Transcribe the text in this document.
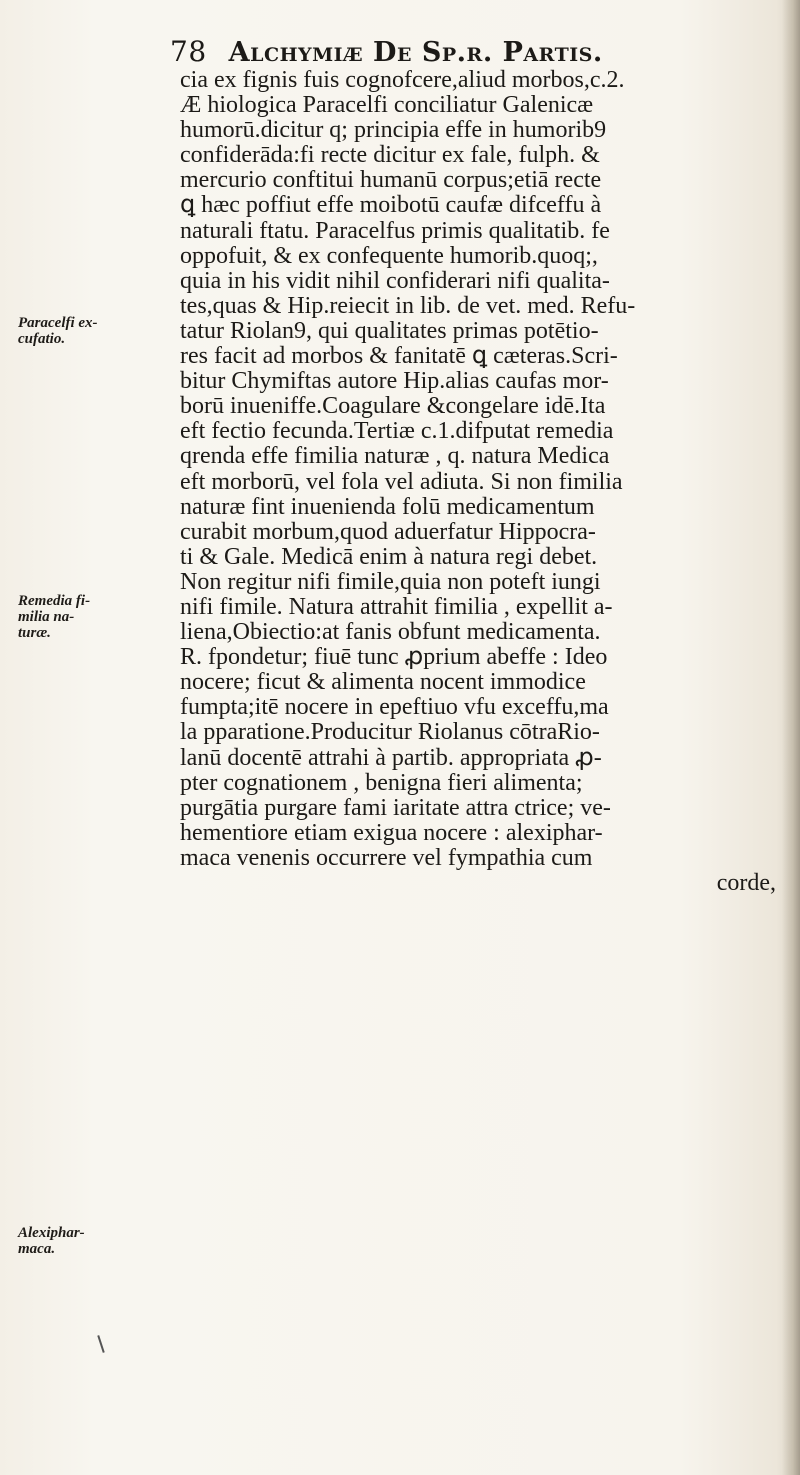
78 Alchymiæ De Sp.r. Partis.
cia ex fignis fuis cognofcere,aliud morbos,c.2.
Æ hiologica Paracelfi conciliatur Galenicæ
humorū.dicitur q; principia effe in humorib9
confiderāda:fi recte dicitur ex fale, fulph. &
mercurio conftitui humanū corpus;etiā recte
ꝗ hæc poffiut effe moibotū caufæ difceffu à
naturali ftatu. Paracelfus primis qualitatib. fe
oppofuit, & ex confequente humorib.quoq;,
quia in his vidit nihil confiderari nifi qualita-
tes,quas & Hip.reiecit in lib. de vet. med. Refu-
tatur Riolan9, qui qualitates primas potētio-
res facit ad morbos & fanitatē ꝗ cæteras.Scri-
bitur Chymiftas autore Hip.alias caufas mor-
borū inueniffe.Coagulare &congelare idē.Ita
eft fectio fecunda.Tertiæ c.1.difputat remedia
qrenda effe fimilia naturæ , q. natura Medica
eft morborū, vel fola vel adiuta. Si non fimilia
naturæ fint inuenienda folū medicamentum
curabit morbum,quod aduerfatur Hippocra-
ti & Gale. Medicā enim à natura regi debet.
Non regitur nifi fimile,quia non poteft iungi
nifi fimile. Natura attrahit fimilia , expellit a-
liena,Obiectio:at fanis obfunt medicamenta.
R. fpondetur; fiuē tunc ꝓprium abeffe : Ideo
nocere; ficut & alimenta nocent immodice
fumpta;itē nocere in epeftiuo vfu exceffu,ma
la pparatione.Producitur Riolanus cōtraRio-
lanū docentē attrahi à partib. appropriata ꝓ-
pter cognationem , benigna fieri alimenta;
purgātia purgare fami iaritate attra ctrice; ve-
hementiore etiam exigua nocere : alexiphar-
maca venenis occurrere vel fympathia cum
corde,
Paracelfi ex-
cufatio.
Remedia fi-
milia na-
turæ.
Alexiphar-
maca.
